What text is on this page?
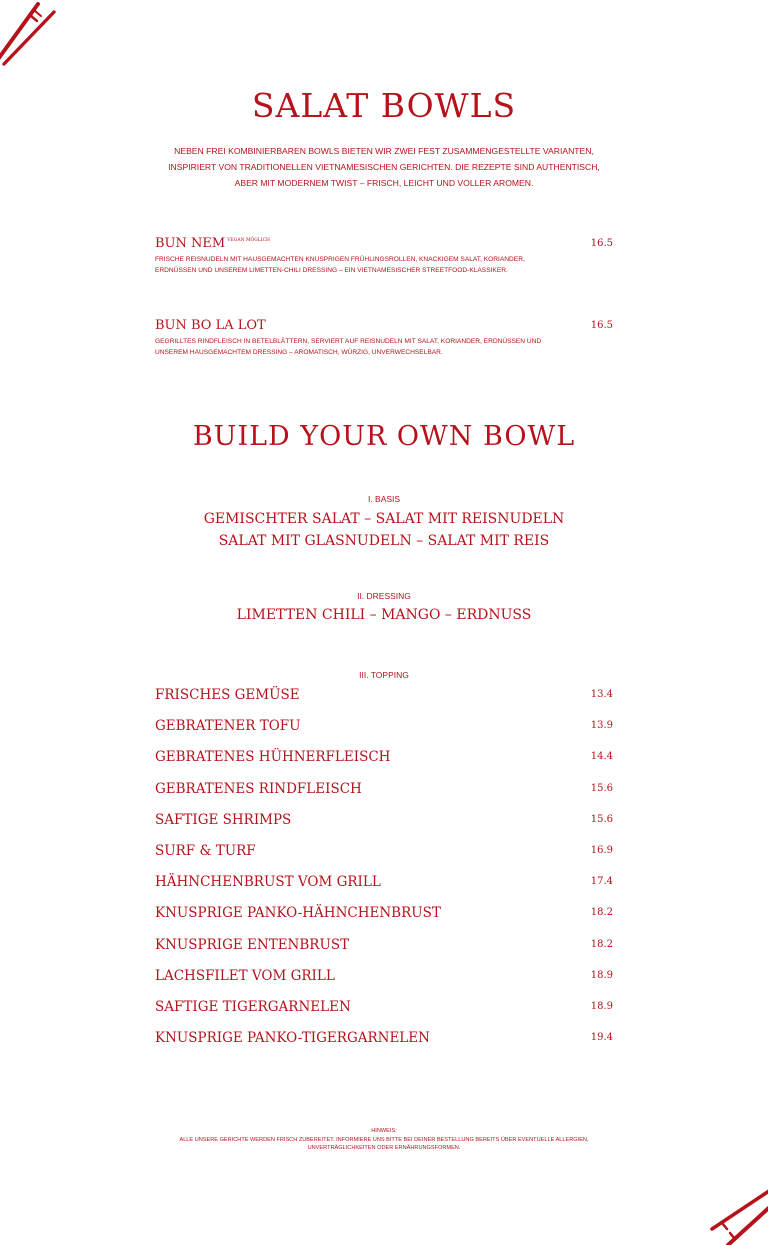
SALAT BOWLS
NEBEN FREI KOMBINIERBAREN BOWLS BIETEN WIR ZWEI FEST ZUSAMMENGESTELLTE VARIANTEN,
INSPIRIERT VON TRADITIONELLEN VIETNAMESISCHEN GERICHTEN. DIE REZEPTE SIND AUTHENTISCH,
ABER MIT MODERNEM TWIST – FRISCH, LEICHT UND VOLLER AROMEN.
BUN NEM $^{VEGAN MÖGLICH}$	16.5
FRISCHE REISNUDELN MIT HAUSGEMACHTEN KNUSPRIGEN FRÜHLINGSROLLEN, KNACKIGEM SALAT, KORIANDER,
ERDNÜSSEN UND UNSEREM LIMETTEN-CHILI DRESSING – EIN VIETNAMESISCHER STREETFOOD-KLASSIKER.
BUN BO LA LOT	16.5
GEGRILLTES RINDFLEISCH IN BETELBLÄTTERN, SERVIERT AUF REISNUDELN MIT SALAT, KORIANDER, ERDNÜSSEN UND
UNSEREM HAUSGEMACHTEM DRESSING – AROMATISCH, WÜRZIG, UNVERWECHSELBAR.
BUILD YOUR OWN BOWL
I. BASIS
GEMISCHTER SALAT – SALAT MIT REISNUDELN
SALAT MIT GLASNUDELN – SALAT MIT REIS
II. DRESSING
LIMETTEN CHILI – MANGO – ERDNUSS
III. TOPPING
FRISCHES GEMÜSE	13.4
GEBRATENER TOFU	13.9
GEBRATENES HÜHNERFLEISCH	14.4
GEBRATENES RINDFLEISCH	15.6
SAFTIGE SHRIMPS	15.6
SURF & TURF	16.9
HÄHNCHENBRUST VOM GRILL	17.4
KNUSPRIGE PANKO-HÄHNCHENBRUST	18.2
KNUSPRIGE ENTENBRUST	18.2
LACHSFILET VOM GRILL	18.9
SAFTIGE TIGERGARNELEN	18.9
KNUSPRIGE PANKO-TIGERGARNELEN	19.4
HINWEIS:
ALLE UNSERE GERICHTE WERDEN FRISCH ZUBEREITET. INFORMIERE UNS BITTE BEI DEINER BESTELLUNG BEREITS ÜBER EVENTUELLE ALLERGIEN,
UNVERTRÄGLICHKEITEN ODER ERNÄHRUNGSFORMEN.
